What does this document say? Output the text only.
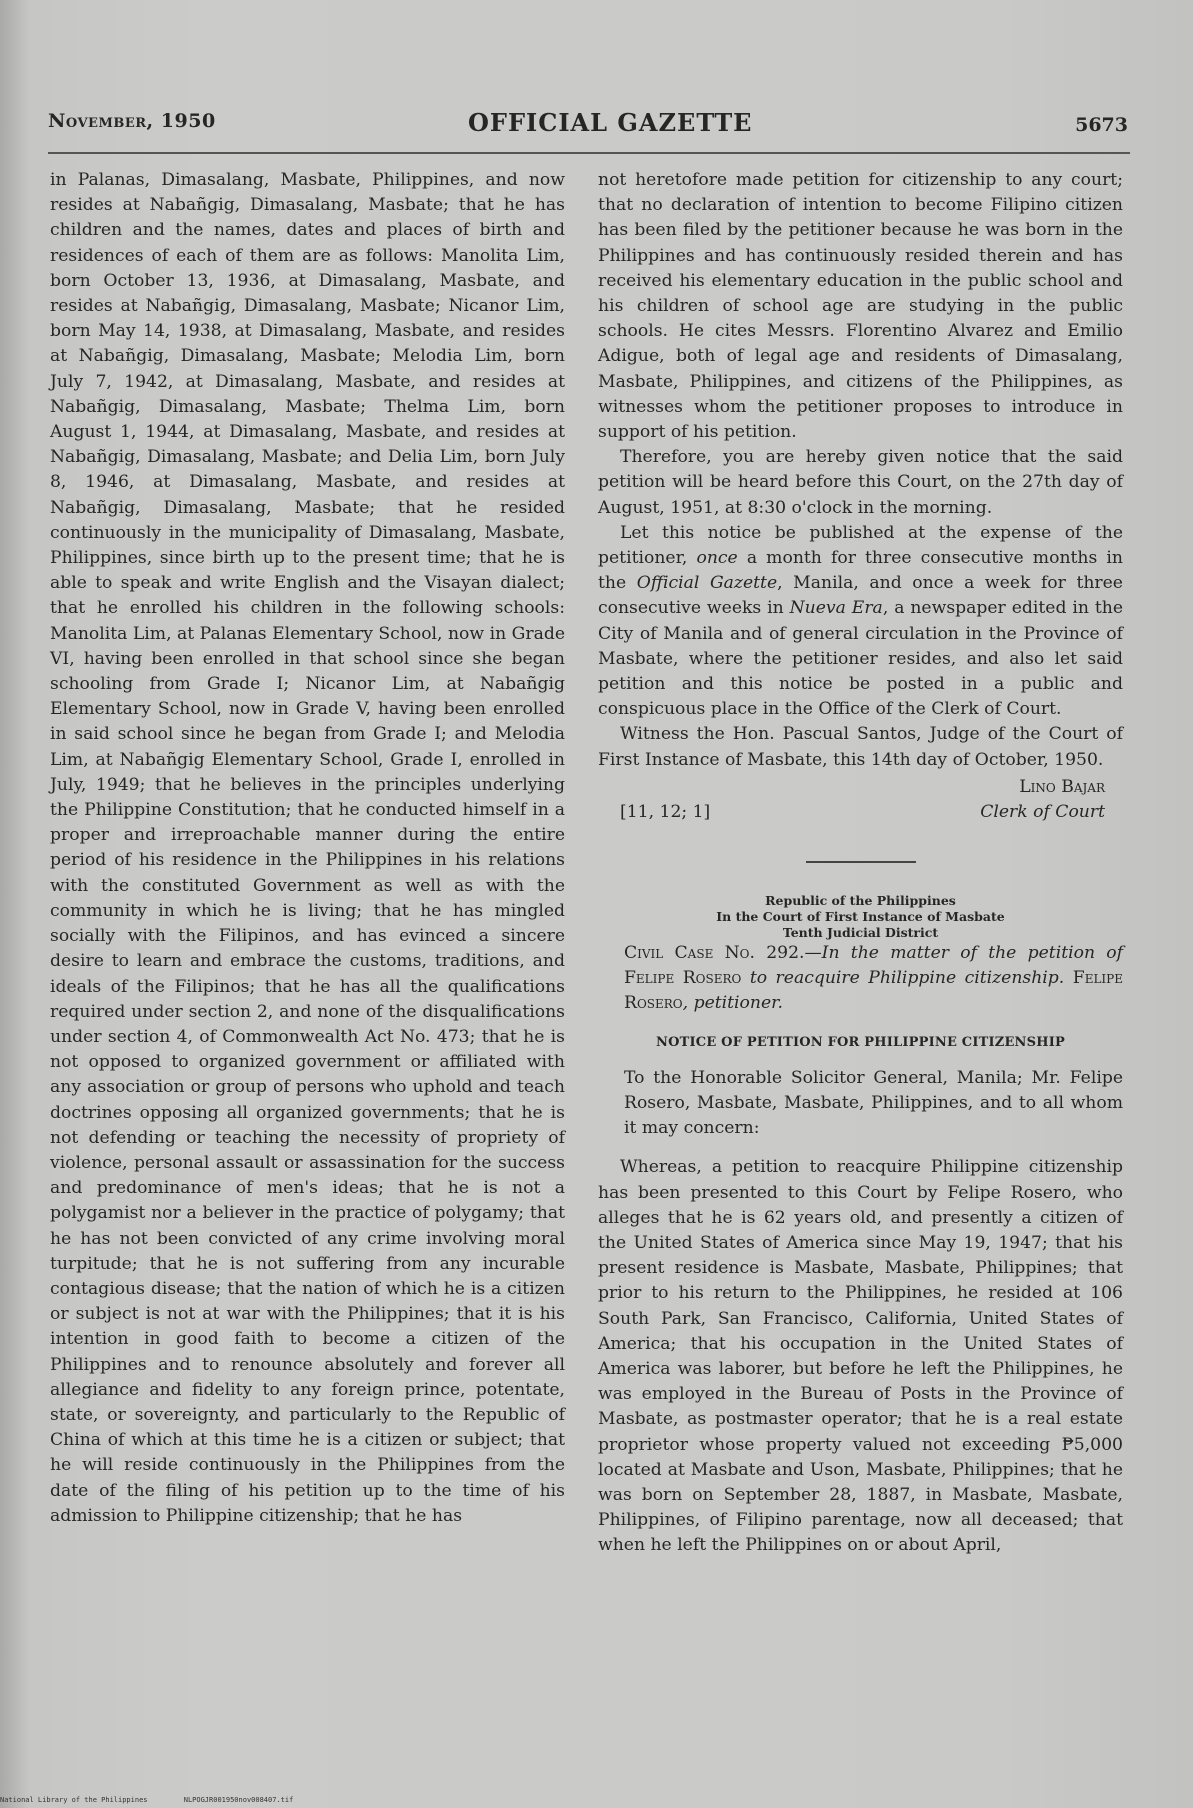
November, 1950	OFFICIAL GAZETTE	5673

in Palanas, Dimasalang, Masbate, Philippines, and now resides at Nabañgig, Dimasalang, Masbate; that he has children and the names, dates and places of birth and residences of each of them are as follows: Manolita Lim, born October 13, 1936, at Dimasalang, Masbate, and resides at Nabañgig, Dimasalang, Masbate; Nicanor Lim, born May 14, 1938, at Dimasalang, Masbate, and resides at Nabañgig, Dimasalang, Masbate; Melodia Lim, born July 7, 1942, at Dimasalang, Masbate, and resides at Nabañgig, Dimasalang, Masbate; Thelma Lim, born August 1, 1944, at Dimasalang, Masbate, and resides at Nabañgig, Dimasalang, Masbate; and Delia Lim, born July 8, 1946, at Dimasalang, Masbate, and resides at Nabañgig, Dimasalang, Masbate; that he resided continuously in the municipality of Dimasalang, Masbate, Philippines, since birth up to the present time; that he is able to speak and write English and the Visayan dialect; that he enrolled his children in the following schools: Manolita Lim, at Palanas Elementary School, now in Grade VI, having been enrolled in that school since she began schooling from Grade I; Nicanor Lim, at Nabañgig Elementary School, now in Grade V, having been enrolled in said school since he began from Grade I; and Melodia Lim, at Nabañgig Elementary School, Grade I, enrolled in July, 1949; that he believes in the principles underlying the Philippine Constitution; that he conducted himself in a proper and irreproachable manner during the entire period of his residence in the Philippines in his relations with the constituted Government as well as with the community in which he is living; that he has mingled socially with the Filipinos, and has evinced a sincere desire to learn and embrace the customs, traditions, and ideals of the Filipinos; that he has all the qualifications required under section 2, and none of the disqualifications under section 4, of Commonwealth Act No. 473; that he is not opposed to organized government or affiliated with any association or group of persons who uphold and teach doctrines opposing all organized governments; that he is not defending or teaching the necessity of propriety of violence, personal assault or assassination for the success and predominance of men's ideas; that he is not a polygamist nor a believer in the practice of polygamy; that he has not been convicted of any crime involving moral turpitude; that he is not suffering from any incurable contagious disease; that the nation of which he is a citizen or subject is not at war with the Philippines; that it is his intention in good faith to become a citizen of the Philippines and to renounce absolutely and forever all allegiance and fidelity to any foreign prince, potentate, state, or sovereignty, and particularly to the Republic of China of which at this time he is a citizen or subject; that he will reside continuously in the Philippines from the date of the filing of his petition up to the time of his admission to Philippine citizenship; that he has

not heretofore made petition for citizenship to any court; that no declaration of intention to become Filipino citizen has been filed by the petitioner because he was born in the Philippines and has continuously resided therein and has received his elementary education in the public school and his children of school age are studying in the public schools. He cites Messrs. Florentino Alvarez and Emilio Adigue, both of legal age and residents of Dimasalang, Masbate, Philippines, and citizens of the Philippines, as witnesses whom the petitioner proposes to introduce in support of his petition.

Therefore, you are hereby given notice that the said petition will be heard before this Court, on the 27th day of August, 1951, at 8:30 o'clock in the morning.

Let this notice be published at the expense of the petitioner, once a month for three consecutive months in the Official Gazette, Manila, and once a week for three consecutive weeks in Nueva Era, a newspaper edited in the City of Manila and of general circulation in the Province of Masbate, where the petitioner resides, and also let said petition and this notice be posted in a public and conspicuous place in the Office of the Clerk of Court.

Witness the Hon. Pascual Santos, Judge of the Court of First Instance of Masbate, this 14th day of October, 1950.

Lino Bajar
[11, 12; 1]	Clerk of Court
Republic of the Philippines
In the Court of First Instance of Masbate
Tenth Judicial District

Civil Case No. 292.—In the matter of the petition of Felipe Rosero to reacquire Philippine citizenship. Felipe Rosero, petitioner.

NOTICE OF PETITION FOR PHILIPPINE CITIZENSHIP

To the Honorable Solicitor General, Manila; Mr. Felipe Rosero, Masbate, Masbate, Philippines, and to all whom it may concern:

Whereas, a petition to reacquire Philippine citizenship has been presented to this Court by Felipe Rosero, who alleges that he is 62 years old, and presently a citizen of the United States of America since May 19, 1947; that his present residence is Masbate, Masbate, Philippines; that prior to his return to the Philippines, he resided at 106 South Park, San Francisco, California, United States of America; that his occupation in the United States of America was laborer, but before he left the Philippines, he was employed in the Bureau of Posts in the Province of Masbate, as postmaster operator; that he is a real estate proprietor whose property valued not exceeding ₱5,000 located at Masbate and Uson, Masbate, Philippines; that he was born on September 28, 1887, in Masbate, Masbate, Philippines, of Filipino parentage, now all deceased; that when he left the Philippines on or about April,

National Library of the Philippines	NLPOGJR001950nov008407.tif
